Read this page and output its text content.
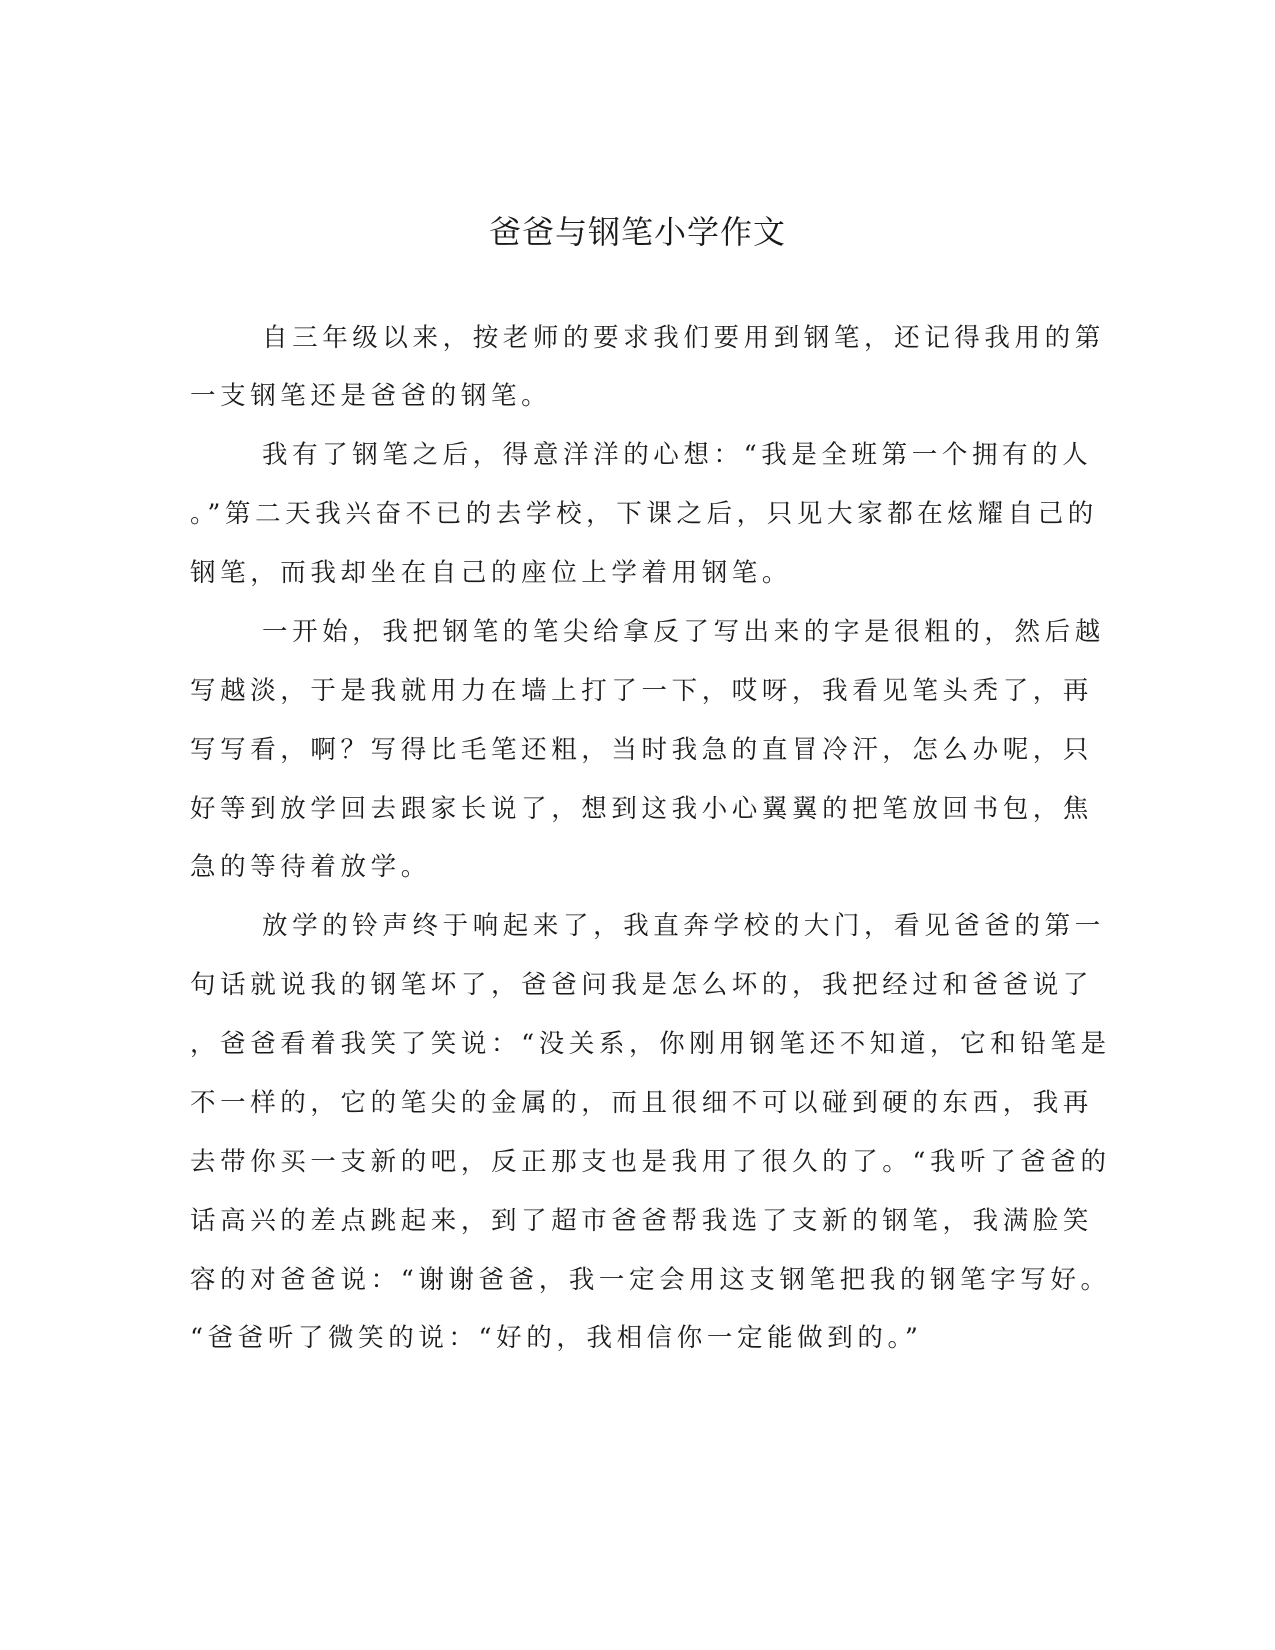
爸爸与钢笔小学作文

自三年级以来，按老师的要求我们要用到钢笔，还记得我用的第

一支钢笔还是爸爸的钢笔。

我有了钢笔之后，得意洋洋的心想：“我是全班第一个拥有的人

。”第二天我兴奋不已的去学校，下课之后，只见大家都在炫耀自己的

钢笔，而我却坐在自己的座位上学着用钢笔。

一开始，我把钢笔的笔尖给拿反了写出来的字是很粗的，然后越

写越淡，于是我就用力在墙上打了一下，哎呀，我看见笔头秃了，再

写写看，啊？写得比毛笔还粗，当时我急的直冒冷汗，怎么办呢，只

好等到放学回去跟家长说了，想到这我小心翼翼的把笔放回书包，焦

急的等待着放学。

放学的铃声终于响起来了，我直奔学校的大门，看见爸爸的第一

句话就说我的钢笔坏了，爸爸问我是怎么坏的，我把经过和爸爸说了

，爸爸看着我笑了笑说：“没关系，你刚用钢笔还不知道，它和铅笔是

不一样的，它的笔尖的金属的，而且很细不可以碰到硬的东西，我再

去带你买一支新的吧，反正那支也是我用了很久的了。“我听了爸爸的

话高兴的差点跳起来，到了超市爸爸帮我选了支新的钢笔，我满脸笑

容的对爸爸说：“谢谢爸爸，我一定会用这支钢笔把我的钢笔字写好。

“爸爸听了微笑的说：“好的，我相信你一定能做到的。”
